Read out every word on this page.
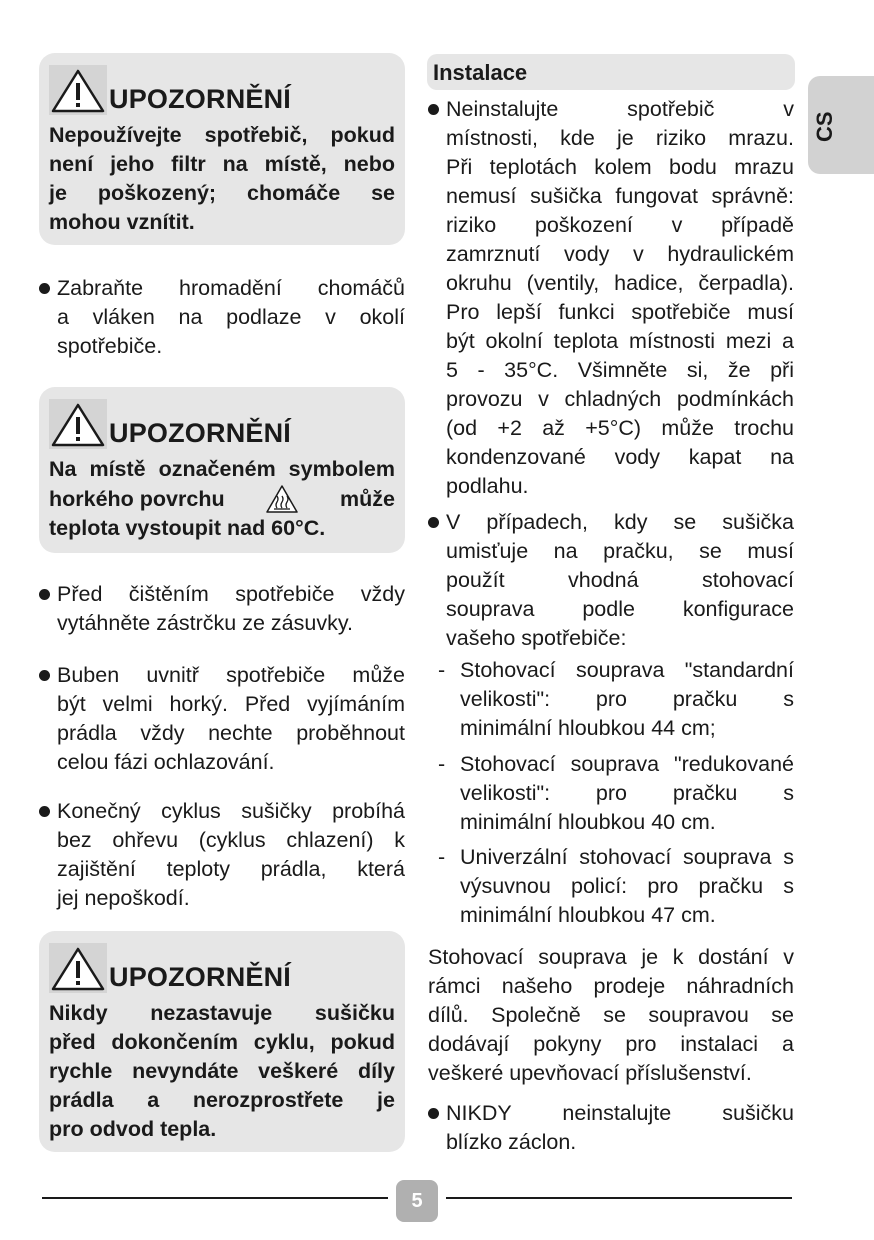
CS
UPOZORNĚNÍ
Nepoužívejte spotřebič, pokud
není jeho filtr na místě, nebo
je poškozený; chomáče se
mohou vznítit.
Zabraňte hromadění chomáčů
a vláken na podlaze v okolí
spotřebiče.
UPOZORNĚNÍ
Na místě označeném symbolem
horkého povrchu	může
teplota vystoupit nad 60°C.
Před čištěním spotřebiče vždy
vytáhněte zástrčku ze zásuvky.
Buben uvnitř spotřebiče může
být velmi horký. Před vyjímáním
prádla vždy nechte proběhnout
celou fázi ochlazování.
Konečný cyklus sušičky probíhá
bez ohřevu (cyklus chlazení) k
zajištění teploty prádla, která
jej nepoškodí.
UPOZORNĚNÍ
Nikdy nezastavuje sušičku
před dokončením cyklu, pokud
rychle nevyndáte veškeré díly
prádla a nerozprostřete je
pro odvod tepla.
Instalace
Neinstalujte spotřebič v
místnosti, kde je riziko mrazu.
Při teplotách kolem bodu mrazu
nemusí sušička fungovat správně:
riziko poškození v případě
zamrznutí vody v hydraulickém
okruhu (ventily, hadice, čerpadla).
Pro lepší funkci spotřebiče musí
být okolní teplota místnosti mezi a
5 - 35°C. Všimněte si, že při
provozu v chladných podmínkách
(od +2 až +5°C) může trochu
kondenzované vody kapat na
podlahu.
V případech, kdy se sušička
umisťuje na pračku, se musí
použít vhodná stohovací
souprava podle konfigurace
vašeho spotřebiče:
- Stohovací souprava "standardní
velikosti": pro pračku s
minimální hloubkou 44 cm;
- Stohovací souprava "redukované
velikosti": pro pračku s
minimální hloubkou 40 cm.
- Univerzální stohovací souprava s
výsuvnou policí: pro pračku s
minimální hloubkou 47 cm.
Stohovací souprava je k dostání v
rámci našeho prodeje náhradních
dílů. Společně se soupravou se
dodávají pokyny pro instalaci a
veškeré upevňovací příslušenství.
NIKDY neinstalujte sušičku
blízko záclon.
5
